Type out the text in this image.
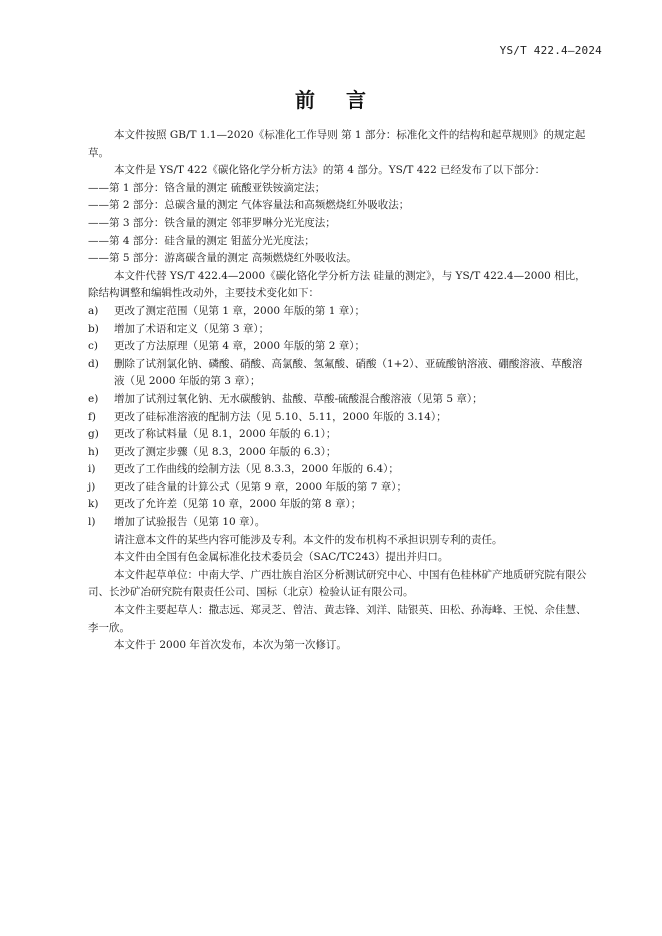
YS/T 422.4—2024
前 言

本文件按照 GB/T 1.1—2020《标准化工作导则 第 1 部分：标准化文件的结构和起草规则》的规定起草。

本文件是 YS/T 422《碳化铬化学分析方法》的第 4 部分。YS/T 422 已经发布了以下部分：

——第 1 部分：铬含量的测定 硫酸亚铁铵滴定法；

——第 2 部分：总碳含量的测定 气体容量法和高频燃烧红外吸收法；

——第 3 部分：铁含量的测定 邻菲罗啉分光光度法；

——第 4 部分：硅含量的测定 钼蓝分光光度法；

——第 5 部分：游离碳含量的测定 高频燃烧红外吸收法。

本文件代替 YS/T 422.4—2000《碳化铬化学分析方法 硅量的测定》，与 YS/T 422.4—2000 相比，除结构调整和编辑性改动外，主要技术变化如下：

a)	更改了测定范围（见第 1 章，2000 年版的第 1 章）；
b)	增加了术语和定义（见第 3 章）；
c)	更改了方法原理（见第 4 章，2000 年版的第 2 章）；
d)	删除了试剂氯化钠、磷酸、硝酸、高氯酸、氢氟酸、硝酸（1+2）、亚硫酸钠溶液、硼酸溶液、草酸溶液（见 2000 年版的第 3 章）；
e)	增加了试剂过氧化钠、无水碳酸钠、盐酸、草酸-硫酸混合酸溶液（见第 5 章）；
f)	更改了硅标准溶液的配制方法（见 5.10、5.11，2000 年版的 3.14）；
g)	更改了称试料量（见 8.1，2000 年版的 6.1）；
h)	更改了测定步骤（见 8.3，2000 年版的 6.3）；
i)	更改了工作曲线的绘制方法（见 8.3.3，2000 年版的 6.4）；
j)	更改了硅含量的计算公式（见第 9 章，2000 年版的第 7 章）；
k)	更改了允许差（见第 10 章，2000 年版的第 8 章）；
l)	增加了试验报告（见第 10 章）。

请注意本文件的某些内容可能涉及专利。本文件的发布机构不承担识别专利的责任。

本文件由全国有色金属标准化技术委员会（SAC/TC243）提出并归口。

本文件起草单位：中南大学、广西壮族自治区分析测试研究中心、中国有色桂林矿产地质研究院有限公司、长沙矿冶研究院有限责任公司、国标（北京）检验认证有限公司。

本文件主要起草人：撒志远、郑灵芝、曾洁、黄志锋、刘洋、陆银英、田松、孙海峰、王悦、佘佳慧、李一欣。

本文件于 2000 年首次发布，本次为第一次修订。
